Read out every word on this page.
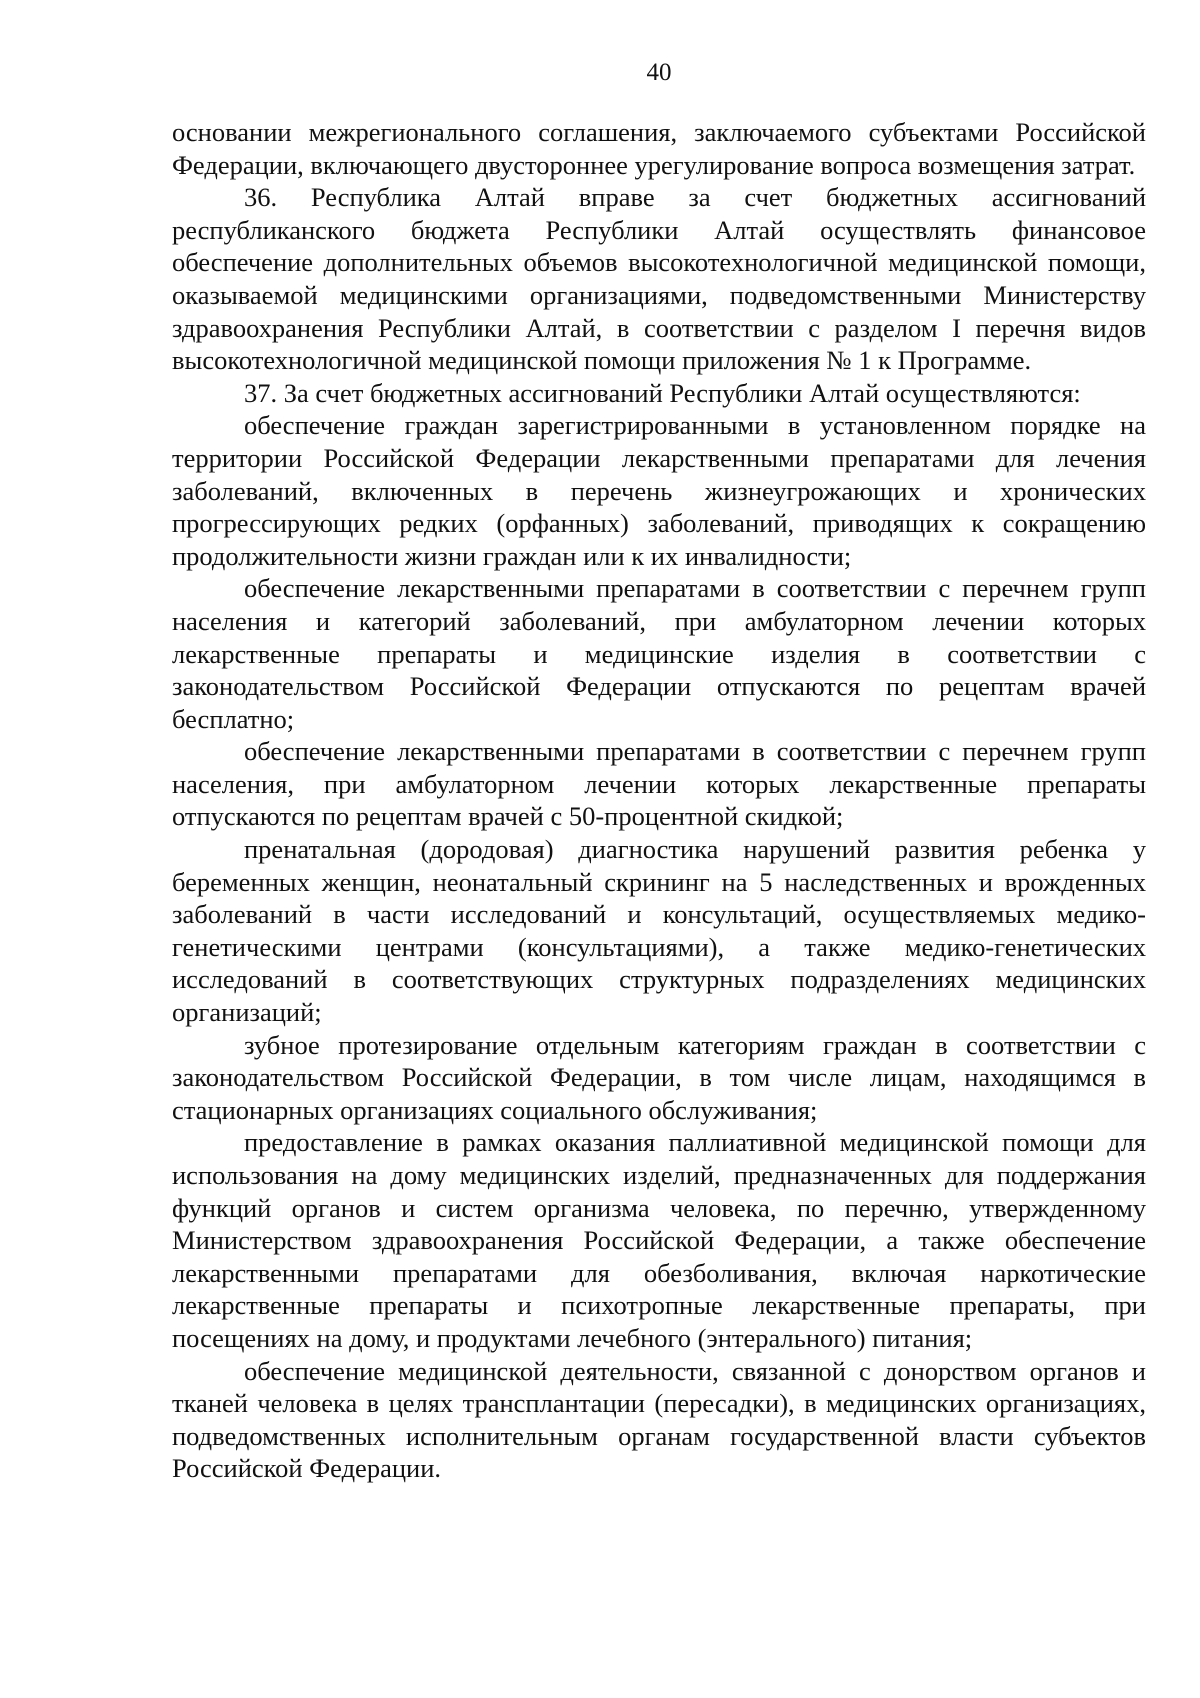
40

основании межрегионального соглашения, заключаемого субъектами Российской Федерации, включающего двустороннее урегулирование вопроса возмещения затрат.

36. Республика Алтай вправе за счет бюджетных ассигнований республиканского бюджета Республики Алтай осуществлять финансовое обеспечение дополнительных объемов высокотехнологичной медицинской помощи, оказываемой медицинскими организациями, подведомственными Министерству здравоохранения Республики Алтай, в соответствии с разделом I перечня видов высокотехнологичной медицинской помощи приложения № 1 к Программе.

37. За счет бюджетных ассигнований Республики Алтай осуществляются:

обеспечение граждан зарегистрированными в установленном порядке на территории Российской Федерации лекарственными препаратами для лечения заболеваний, включенных в перечень жизнеугрожающих и хронических прогрессирующих редких (орфанных) заболеваний, приводящих к сокращению продолжительности жизни граждан или к их инвалидности;

обеспечение лекарственными препаратами в соответствии с перечнем групп населения и категорий заболеваний, при амбулаторном лечении которых лекарственные препараты и медицинские изделия в соответствии с законодательством Российской Федерации отпускаются по рецептам врачей бесплатно;

обеспечение лекарственными препаратами в соответствии с перечнем групп населения, при амбулаторном лечении которых лекарственные препараты отпускаются по рецептам врачей с 50-процентной скидкой;

пренатальная (дородовая) диагностика нарушений развития ребенка у беременных женщин, неонатальный скрининг на 5 наследственных и врожденных заболеваний в части исследований и консультаций, осуществляемых медико-генетическими центрами (консультациями), а также медико-генетических исследований в соответствующих структурных подразделениях медицинских организаций;

зубное протезирование отдельным категориям граждан в соответствии с законодательством Российской Федерации, в том числе лицам, находящимся в стационарных организациях социального обслуживания;

предоставление в рамках оказания паллиативной медицинской помощи для использования на дому медицинских изделий, предназначенных для поддержания функций органов и систем организма человека, по перечню, утвержденному Министерством здравоохранения Российской Федерации, а также обеспечение лекарственными препаратами для обезболивания, включая наркотические лекарственные препараты и психотропные лекарственные препараты, при посещениях на дому, и продуктами лечебного (энтерального) питания;

обеспечение медицинской деятельности, связанной с донорством органов и тканей человека в целях трансплантации (пересадки), в медицинских организациях, подведомственных исполнительным органам государственной власти субъектов Российской Федерации.
